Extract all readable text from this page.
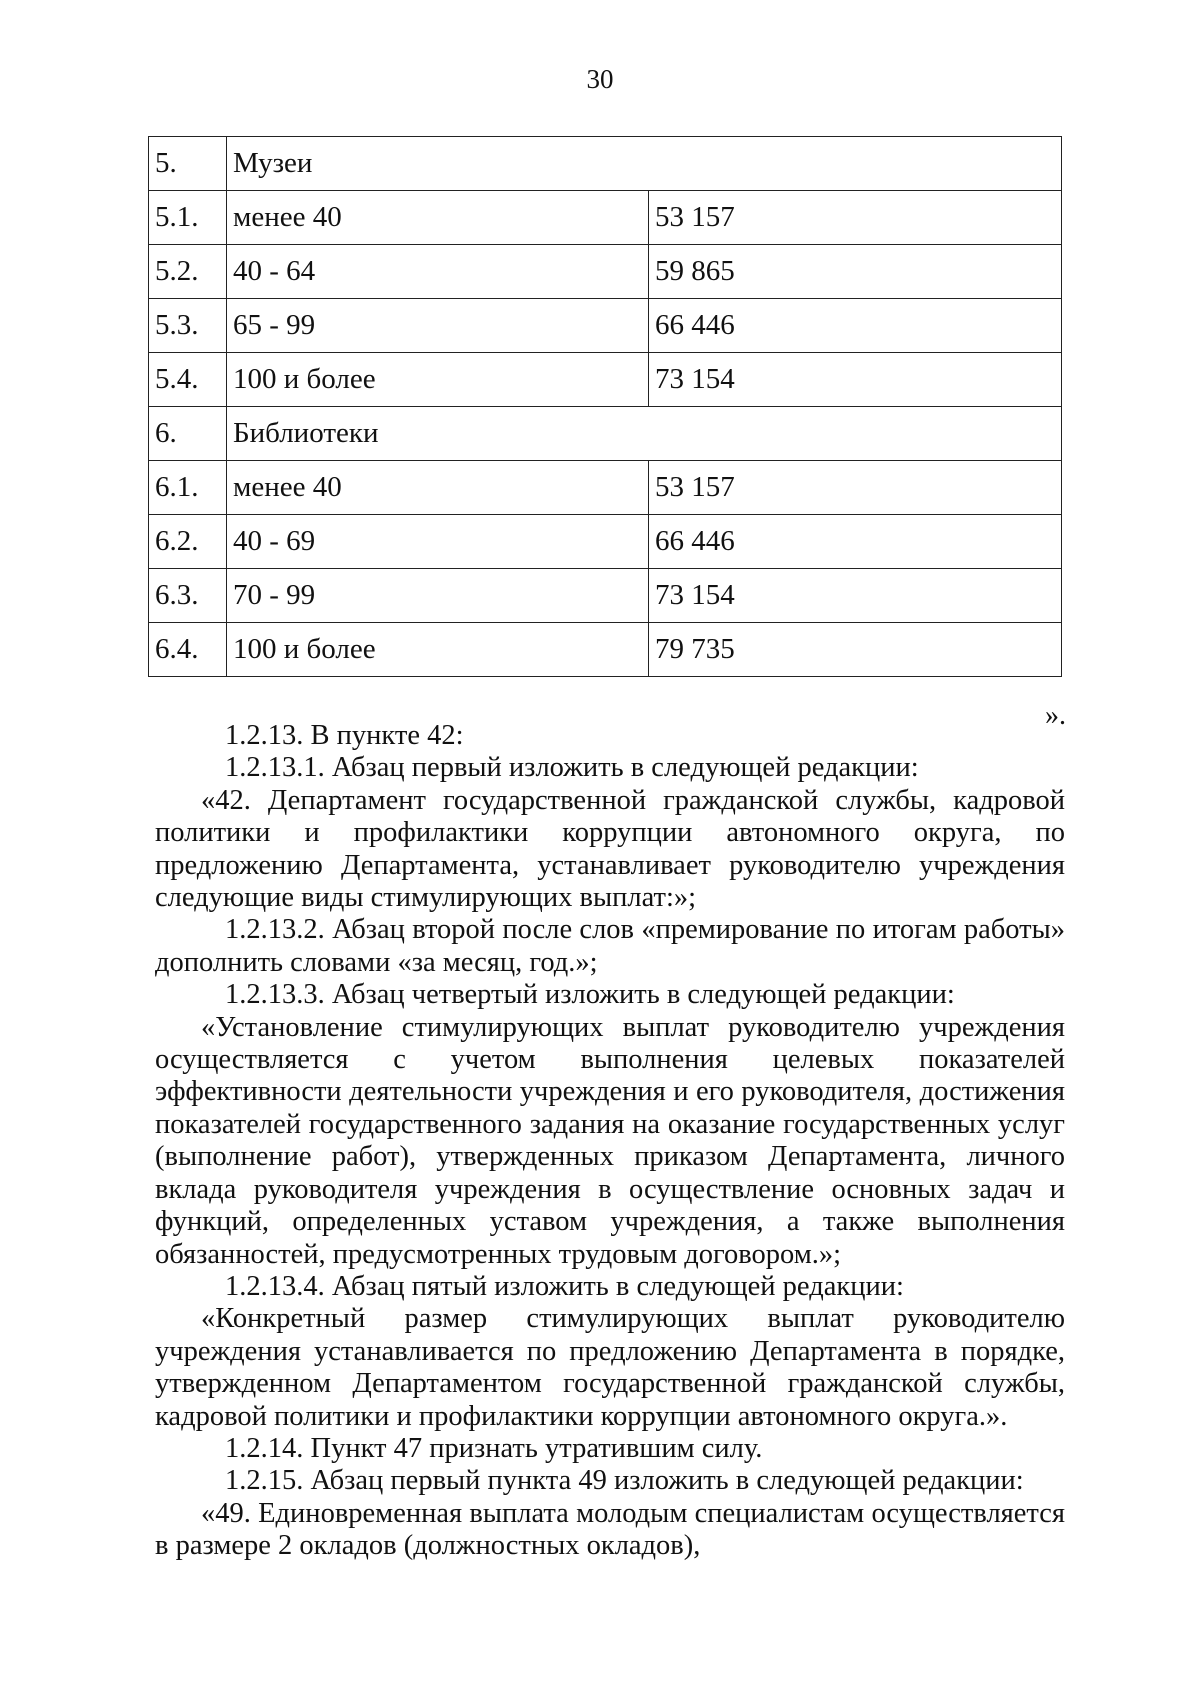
30
5.	Музеи	
5.1.	менее 40	53 157
5.2.	40 - 64	59 865
5.3.	65 - 99	66 446
5.4.	100 и более	73 154
6.	Библиотеки	
6.1.	менее 40	53 157
6.2.	40 - 69	66 446
6.3.	70 - 99	73 154
6.4.	100 и более	79 735
».

1.2.13. В пункте 42:

1.2.13.1. Абзац первый изложить в следующей редакции:

«42. Департамент государственной гражданской службы, кадровой политики и профилактики коррупции автономного округа, по предложению Департамента, устанавливает руководителю учреждения следующие виды стимулирующих выплат:»;

1.2.13.2. Абзац второй после слов «премирование по итогам работы» дополнить словами «за месяц, год.»;

1.2.13.3. Абзац четвертый изложить в следующей редакции:

«Установление стимулирующих выплат руководителю учреждения осуществляется с учетом выполнения целевых показателей эффективности деятельности учреждения и его руководителя, достижения показателей государственного задания на оказание государственных услуг (выполнение работ), утвержденных приказом Департамента, личного вклада руководителя учреждения в осуществление основных задач и функций, определенных уставом учреждения, а также выполнения обязанностей, предусмотренных трудовым договором.»;

1.2.13.4. Абзац пятый изложить в следующей редакции:

«Конкретный размер стимулирующих выплат руководителю учреждения устанавливается по предложению Департамента в порядке, утвержденном Департаментом государственной гражданской службы, кадровой политики и профилактики коррупции автономного округа.».

1.2.14. Пункт 47 признать утратившим силу.

1.2.15. Абзац первый пункта 49 изложить в следующей редакции:

«49. Единовременная выплата молодым специалистам осуществляется в размере 2 окладов (должностных окладов),
